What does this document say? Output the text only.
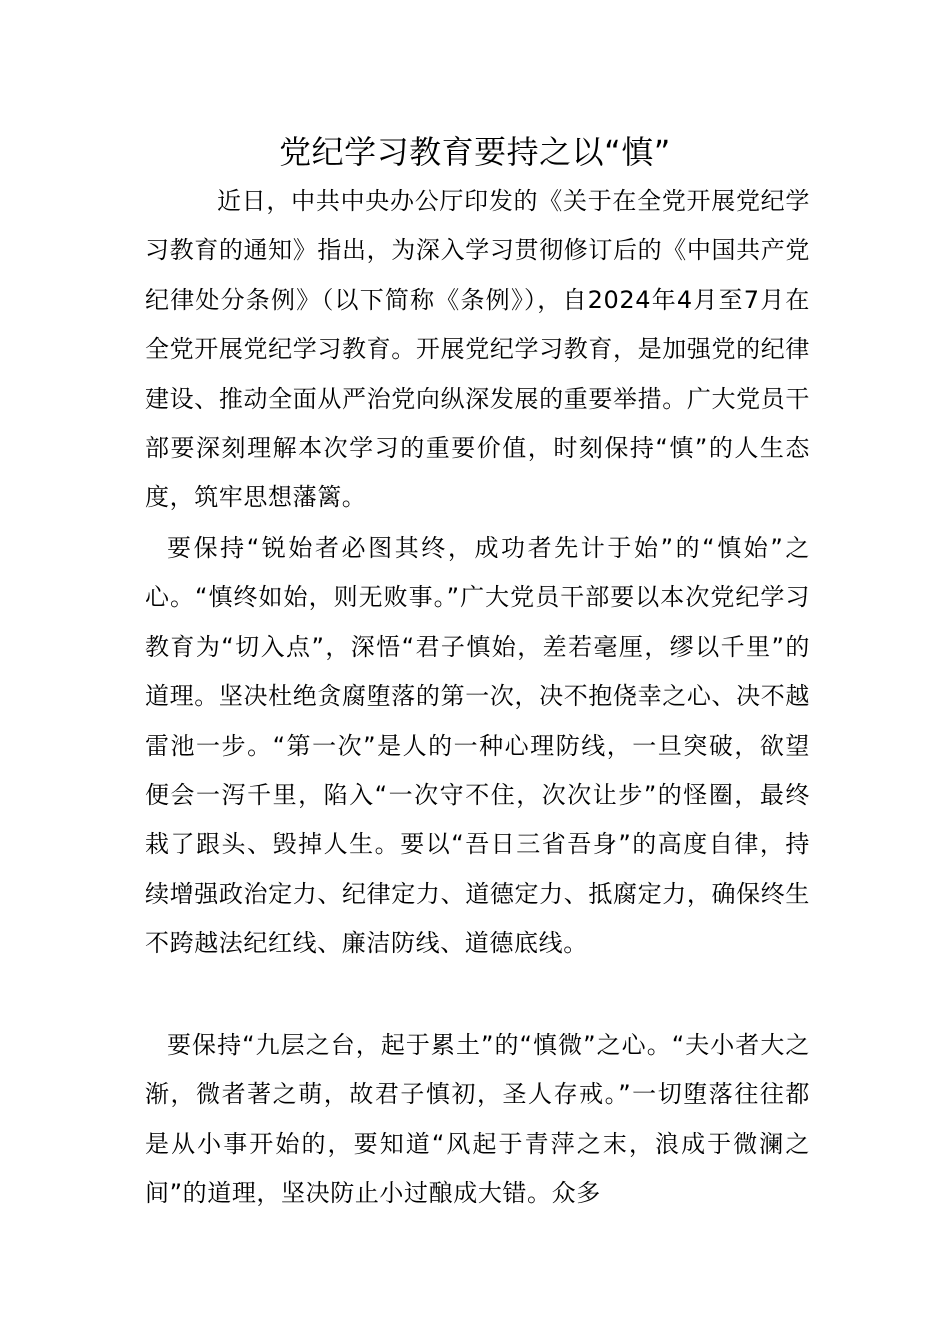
党纪学习教育要持之以“慎”

近日，中共中央办公厅印发的《关于在全党开展党纪学习教育的通知》指出，为深入学习贯彻修订后的《中国共产党纪律处分条例》（以下简称《条例》），自2024年4月至7月在全党开展党纪学习教育。开展党纪学习教育，是加强党的纪律建设、推动全面从严治党向纵深发展的重要举措。广大党员干部要深刻理解本次学习的重要价值，时刻保持“慎”的人生态度，筑牢思想藩篱。

要保持“锐始者必图其终，成功者先计于始”的“慎始”之心。“慎终如始，则无败事。”广大党员干部要以本次党纪学习教育为“切入点”，深悟“君子慎始，差若毫厘，缪以千里”的道理。坚决杜绝贪腐堕落的第一次，决不抱侥幸之心、决不越雷池一步。“第一次”是人的一种心理防线，一旦突破，欲望便会一泻千里，陷入“一次守不住，次次让步”的怪圈，最终栽了跟头、毁掉人生。要以“吾日三省吾身”的高度自律，持续增强政治定力、纪律定力、道德定力、抵腐定力，确保终生不跨越法纪红线、廉洁防线、道德底线。

要保持“九层之台，起于累土”的“慎微”之心。“夫小者大之渐，微者著之萌，故君子慎初，圣人存戒。”一切堕落往往都是从小事开始的，要知道“风起于青萍之末，浪成于微澜之间”的道理，坚决防止小过酿成大错。众多
